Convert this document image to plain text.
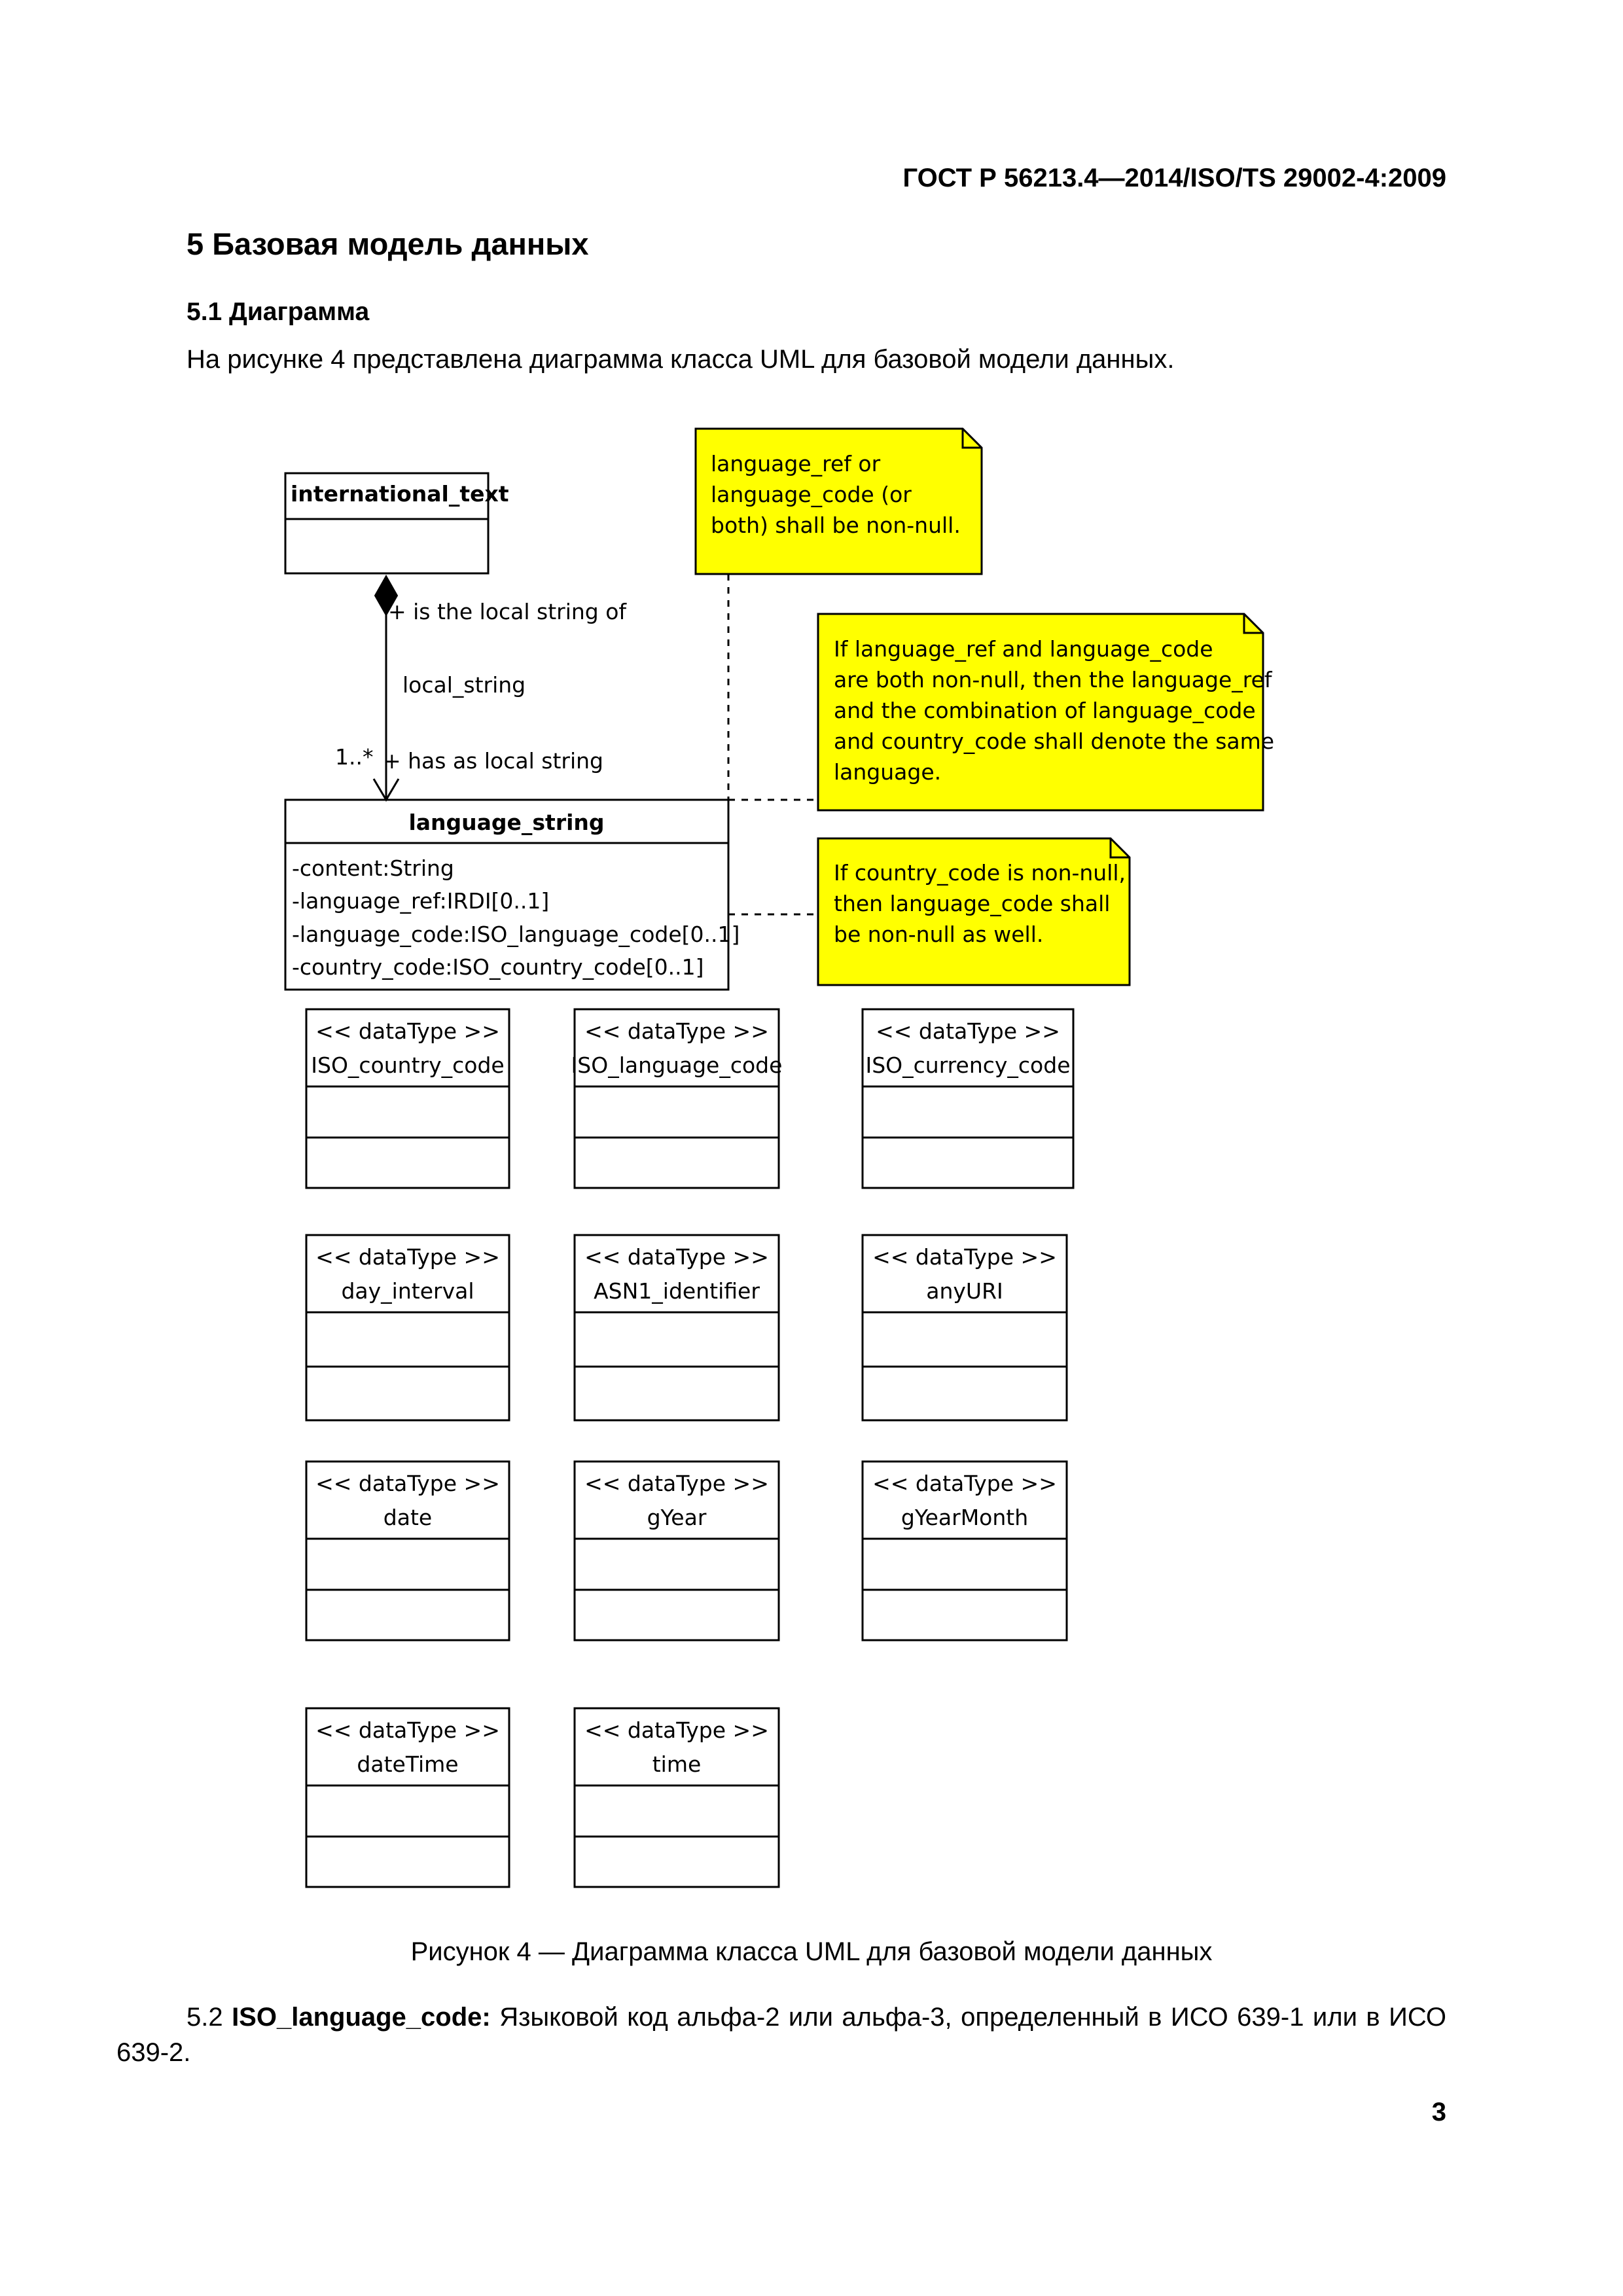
ГОСТ Р 56213.4—2014/ISO/TS 29002-4:2009
5 Базовая модель данных
5.1 Диаграмма
На рисунке 4 представлена диаграмма класса UML для базовой модели данных.
international_text
language_string
-content:String
-language_ref:IRDI[0..1]
-language_code:ISO_language_code[0..1]
-country_code:ISO_country_code[0..1]
+ is the local string of
local_string
1..* + has as local string
language_ref or
language_code (or
both) shall be non-null.
If language_ref and language_code
are both non-null, then the language_ref
and the combination of language_code
and country_code shall denote the same
language.
If country_code is non-null,
then language_code shall
be non-null as well.
<< dataType >>
ISO_country_code
<< dataType >>
ISO_language_code
<< dataType >>
ISO_currency_code
<< dataType >>
day_interval
<< dataType >>
ASN1_identifier
<< dataType >>
anyURI
<< dataType >>
date
<< dataType >>
gYear
<< dataType >>
gYearMonth
<< dataType >>
dateTime
<< dataType >>
time
Рисунок 4 — Диаграмма класса UML для базовой модели данных
5.2 ISO_language_code: Языковой код альфа-2 или альфа-3, определенный в ИСО 639-1 или в ИСО 639-2.
3
